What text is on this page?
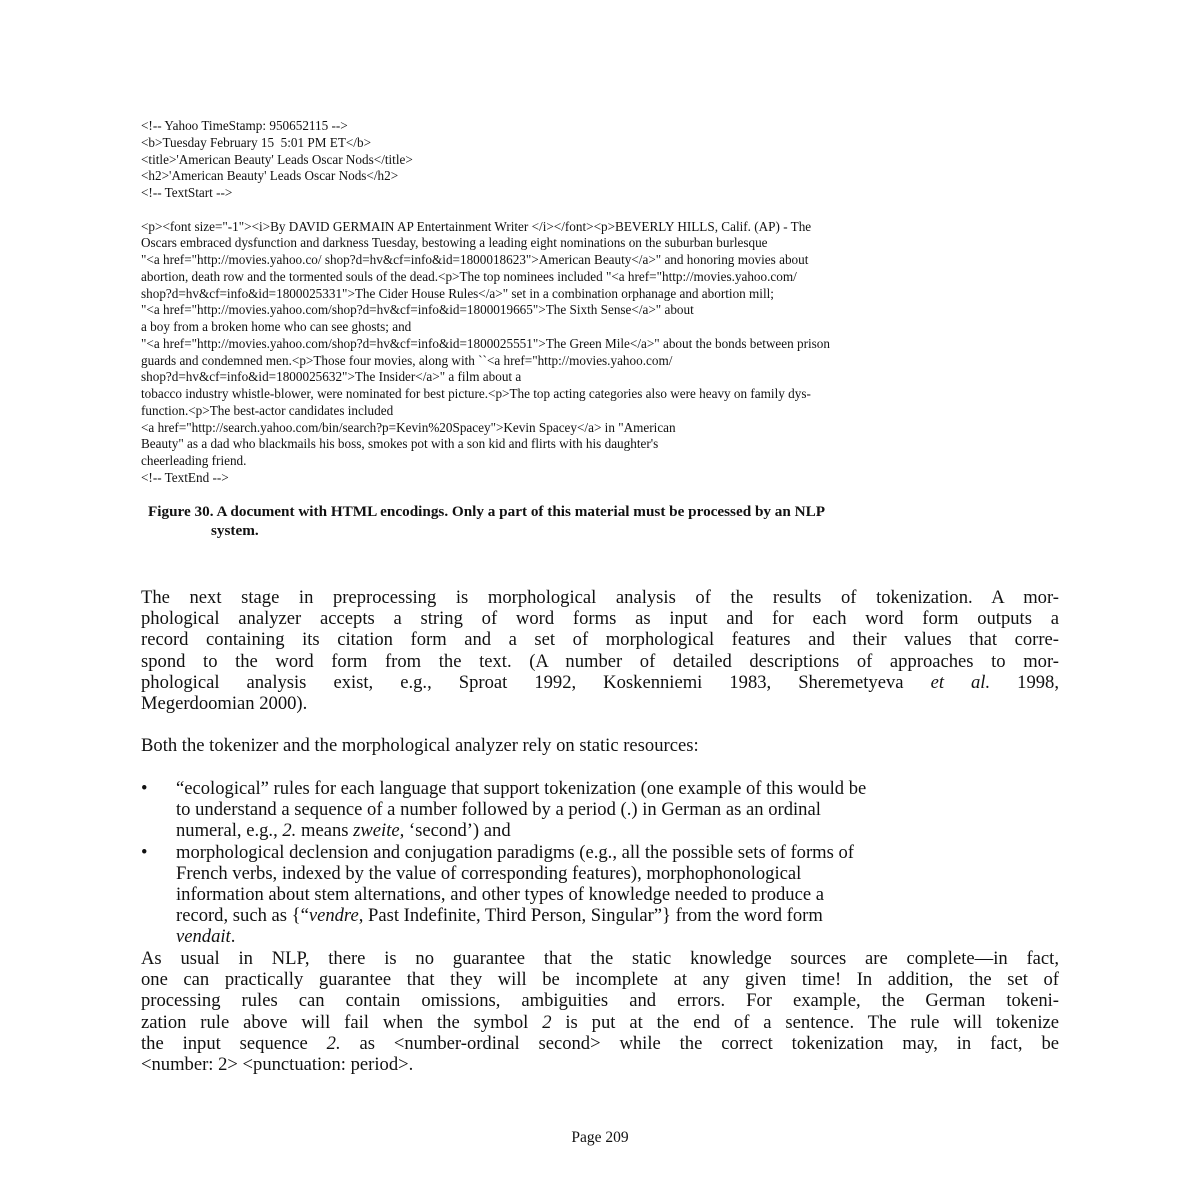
<!-- Yahoo TimeStamp: 950652115 -->
<b>Tuesday February 15  5:01 PM ET</b>
<title>'American Beauty' Leads Oscar Nods</title>
<h2>'American Beauty' Leads Oscar Nods</h2>
<!-- TextStart -->
<p><font size="-1"><i>By DAVID GERMAIN AP Entertainment Writer </i></font><p>BEVERLY HILLS, Calif. (AP) - The
Oscars embraced dysfunction and darkness Tuesday, bestowing a leading eight nominations on the suburban burlesque
"<a href="http://movies.yahoo.co/ shop?d=hv&cf=info&id=1800018623">American Beauty</a>" and honoring movies about
abortion, death row and the tormented souls of the dead.<p>The top nominees included "<a href="http://movies.yahoo.com/
shop?d=hv&cf=info&id=1800025331">The Cider House Rules</a>" set in a combination orphanage and abortion mill;
"<a href="http://movies.yahoo.com/shop?d=hv&cf=info&id=1800019665">The Sixth Sense</a>" about
a boy from a broken home who can see ghosts; and
"<a href="http://movies.yahoo.com/shop?d=hv&cf=info&id=1800025551">The Green Mile</a>" about the bonds between prison
guards and condemned men.<p>Those four movies, along with ``<a href="http://movies.yahoo.com/
shop?d=hv&cf=info&id=1800025632">The Insider</a>" a film about a
tobacco industry whistle-blower, were nominated for best picture.<p>The top acting categories also were heavy on family dys-
function.<p>The best-actor candidates included
<a href="http://search.yahoo.com/bin/search?p=Kevin%20Spacey">Kevin Spacey</a> in "American
Beauty" as a dad who blackmails his boss, smokes pot with a son kid and flirts with his daughter's
cheerleading friend.
<!-- TextEnd -->
Figure 30. A document with HTML encodings. Only a part of this material must be processed by an NLP
system.
The next stage in preprocessing is morphological analysis of the results of tokenization. A mor-
phological analyzer accepts a string of word forms as input and for each word form outputs a
record containing its citation form and a set of morphological features and their values that corre-
spond to the word form from the text. (A number of detailed descriptions of approaches to mor-
phological analysis exist, e.g., Sproat 1992, Koskenniemi 1983, Sheremetyeva et al. 1998,
Megerdoomian 2000).
Both the tokenizer and the morphological analyzer rely on static resources:
• “ecological” rules for each language that support tokenization (one example of this would be
to understand a sequence of a number followed by a period (.) in German as an ordinal
numeral, e.g., 2. means zweite, ‘second’) and
• morphological declension and conjugation paradigms (e.g., all the possible sets of forms of
French verbs, indexed by the value of corresponding features), morphophonological
information about stem alternations, and other types of knowledge needed to produce a
record, such as {“vendre, Past Indefinite, Third Person, Singular”} from the word form
vendait.
As usual in NLP, there is no guarantee that the static knowledge sources are complete—in fact,
one can practically guarantee that they will be incomplete at any given time! In addition, the set of
processing rules can contain omissions, ambiguities and errors. For example, the German tokeni-
zation rule above will fail when the symbol 2 is put at the end of a sentence. The rule will tokenize
the input sequence 2. as <number-ordinal second> while the correct tokenization may, in fact, be
<number: 2> <punctuation: period>.
Page 209
